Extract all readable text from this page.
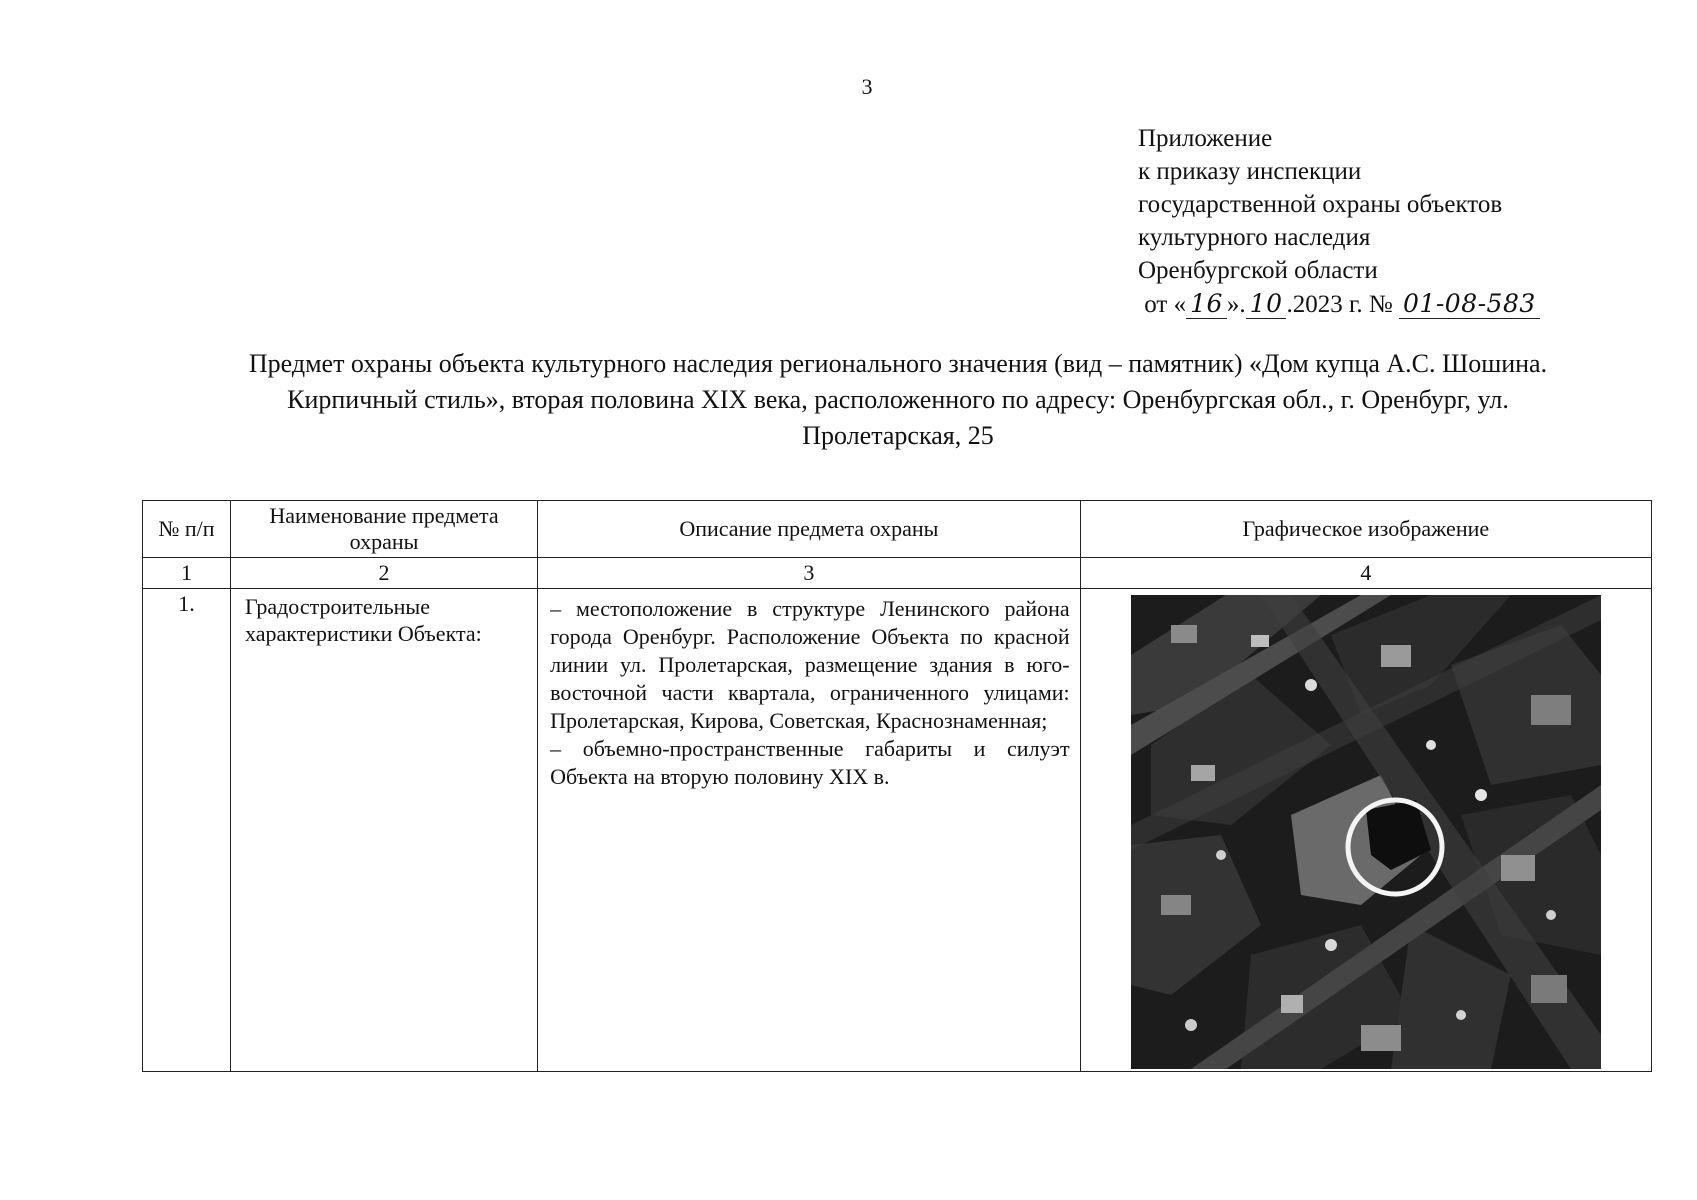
3
Приложение
к приказу инспекции
государственной охраны объектов
культурного наследия
Оренбургской области
от « 16 ». 10 .2023 г. № 01-08-583
Предмет охраны объекта культурного наследия регионального значения (вид – памятник) «Дом купца А.С. Шошина. Кирпичный стиль», вторая половина XIX века, расположенного по адресу: Оренбургская обл., г. Оренбург, ул. Пролетарская, 25
№ п/п	Наименование предмета охраны	Описание предмета охраны	Графическое изображение
1	2	3	4
1.	Градостроительные характеристики Объекта:	– местоположение в структуре Ленинского района города Оренбург. Расположение Объекта по красной линии ул. Пролетарская, размещение здания в юго-восточной части квартала, ограниченного улицами: Пролетарская, Кирова, Советская, Краснознаменная;
– объемно-пространственные габариты и силуэт Объекта на вторую половину XIX в.
